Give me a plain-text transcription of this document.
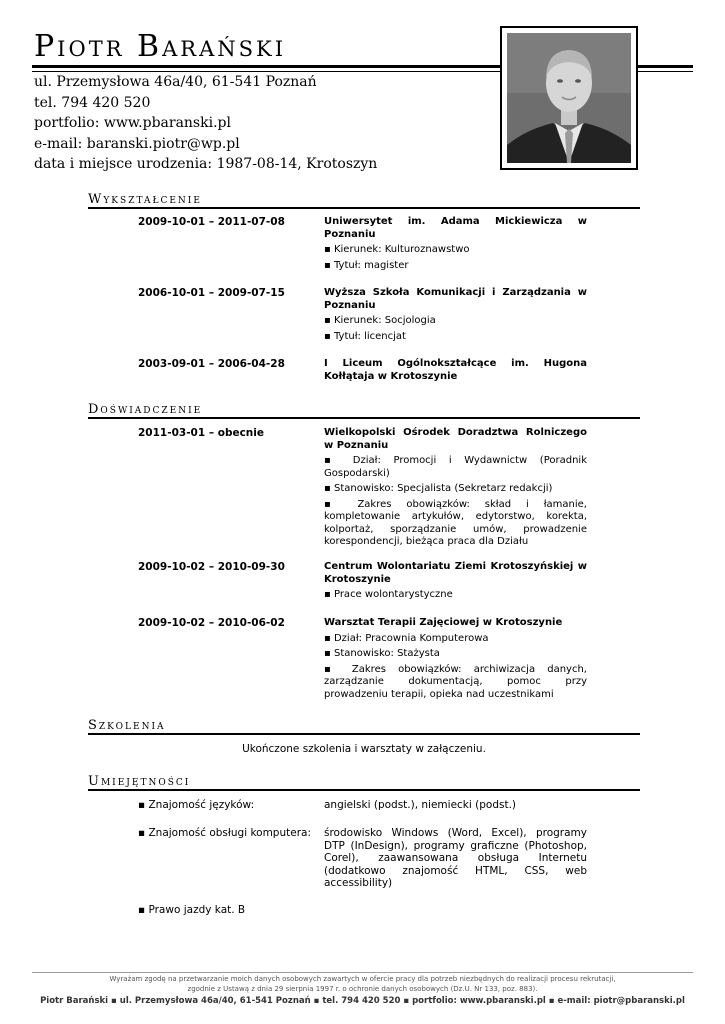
Piotr Barański
ul. Przemysłowa 46a/40, 61-541 Poznań
tel. 794 420 520
portfolio: www.pbaranski.pl
e-mail: baranski.piotr@wp.pl
data i miejsce urodzenia: 1987-08-14, Krotoszyn
Wykształcenie
2009-10-01 – 2011-07-08	Uniwersytet im. Adama Mickiewicza w Poznaniu
▪ Kierunek: Kulturoznawstwo
▪ Tytuł: magister
2006-10-01 – 2009-07-15	Wyższa Szkoła Komunikacji i Zarządzania w Poznaniu
▪ Kierunek: Socjologia
▪ Tytuł: licencjat
2003-09-01 – 2006-04-28	I Liceum Ogólnokształcące im. Hugona Kołłątaja w Krotoszynie
Doświadczenie
2011-03-01 – obecnie	Wielkopolski Ośrodek Doradztwa Rolniczego w Poznaniu
▪ Dział: Promocji i Wydawnictw (Poradnik Gospodarski)
▪ Stanowisko: Specjalista (Sekretarz redakcji)
▪ Zakres obowiązków: skład i łamanie, kompletowanie artykułów, edytorstwo, korekta, kolportaż, sporządzanie umów, prowadzenie korespondencji, bieżąca praca dla Działu
2009-10-02 – 2010-09-30	Centrum Wolontariatu Ziemi Krotoszyńskiej w Krotoszynie
▪ Prace wolontarystyczne
2009-10-02 – 2010-06-02	Warsztat Terapii Zajęciowej w Krotoszynie
▪ Dział: Pracownia Komputerowa
▪ Stanowisko: Stażysta
▪ Zakres obowiązków: archiwizacja danych, zarządzanie dokumentacją, pomoc przy prowadzeniu terapii, opieka nad uczestnikami
Szkolenia
Ukończone szkolenia i warsztaty w załączeniu.
Umiejętności
▪ Znajomość języków:	angielski (podst.), niemiecki (podst.)
▪ Znajomość obsługi komputera: środowisko Windows (Word, Excel), programy DTP (InDesign), programy graficzne (Photoshop, Corel), zaawansowana obsługa Internetu (dodatkowo znajomość HTML, CSS, web accessibility)
▪ Prawo jazdy kat. B
Wyrażam zgodę na przetwarzanie moich danych osobowych zawartych w ofercie pracy dla potrzeb niezbędnych do realizacji procesu rekrutacji,
zgodnie z Ustawą z dnia 29 sierpnia 1997 r. o ochronie danych osobowych (Dz.U. Nr 133, poz. 883).
Piotr Barański ▪ ul. Przemysłowa 46a/40, 61-541 Poznań ▪ tel. 794 420 520 ▪ portfolio: www.pbaranski.pl ▪ e-mail: piotr@pbaranski.pl
